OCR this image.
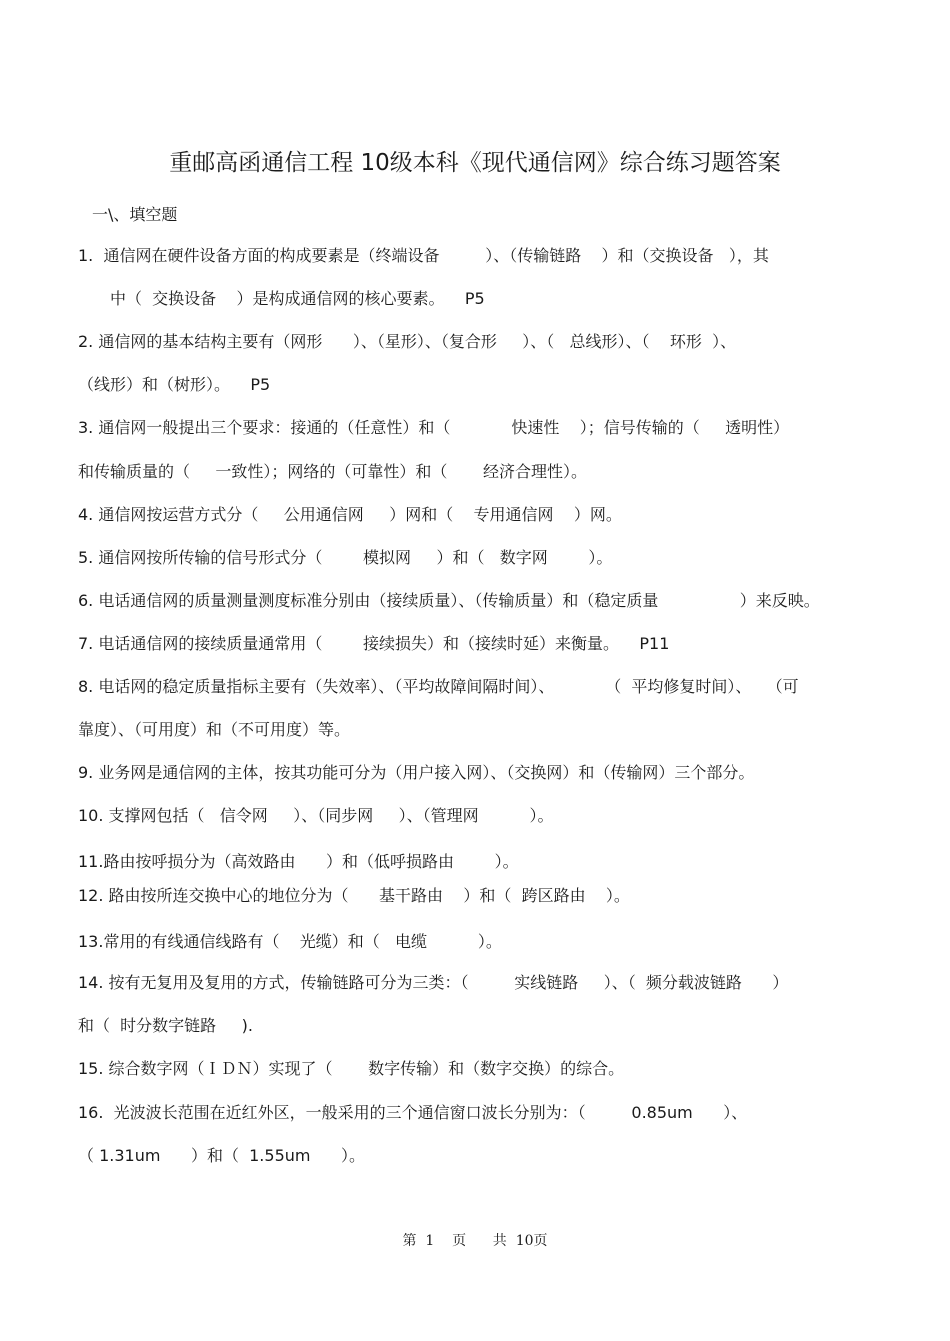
重邮高函通信工程 10级本科《现代通信网》综合练习题答案
一\、填空题
1.  通信网在硬件设备方面的构成要素是（终端设备         ）、（传输链路    ）和（交换设备   ），其
中（  交换设备    ）是构成通信网的核心要素。    P5
2. 通信网的基本结构主要有（网形      ）、（星形）、（复合形     ）、（   总线形）、（    环形  ）、
（线形）和（树形）。    P5
3. 通信网一般提出三个要求：接通的（任意性）和（            快速性    ）；信号传输的（     透明性）
和传输质量的（     一致性）；网络的（可靠性）和（       经济合理性）。
4. 通信网按运营方式分（     公用通信网     ）网和（    专用通信网    ）网。
5. 通信网按所传输的信号形式分（        模拟网     ）和（   数字网        ）。
6. 电话通信网的质量测量测度标准分别由（接续质量）、（传输质量）和（稳定质量                ）来反映。
7. 电话通信网的接续质量通常用（        接续损失）和（接续时延）来衡量。    P11
8. 电话网的稳定质量指标主要有（失效率）、（平均故障间隔时间）、          （  平均修复时间）、   （可
靠度）、（可用度）和（不可用度）等。
9. 业务网是通信网的主体，按其功能可分为（用户接入网）、（交换网）和（传输网）三个部分。
10. 支撑网包括（   信令网     ）、（同步网     ）、（管理网          ）。
11.路由按呼损分为（高效路由      ）和（低呼损路由        ）。
12. 路由按所连交换中心的地位分为（      基干路由    ）和（  跨区路由    ）。
13.常用的有线通信线路有（    光缆）和（   电缆          ）。
14. 按有无复用及复用的方式，传输链路可分为三类：（         实线链路     ）、（  频分载波链路      ）
和（  时分数字链路     ).
15. 综合数字网（ＩＤＮ）实现了（       数字传输）和（数字交换）的综合。
16.  光波波长范围在近红外区，一般采用的三个通信窗口波长分别为：（         0.85um      ）、
（ 1.31um      ）和（  1.55um      ）。
第  1    页      共  10页
